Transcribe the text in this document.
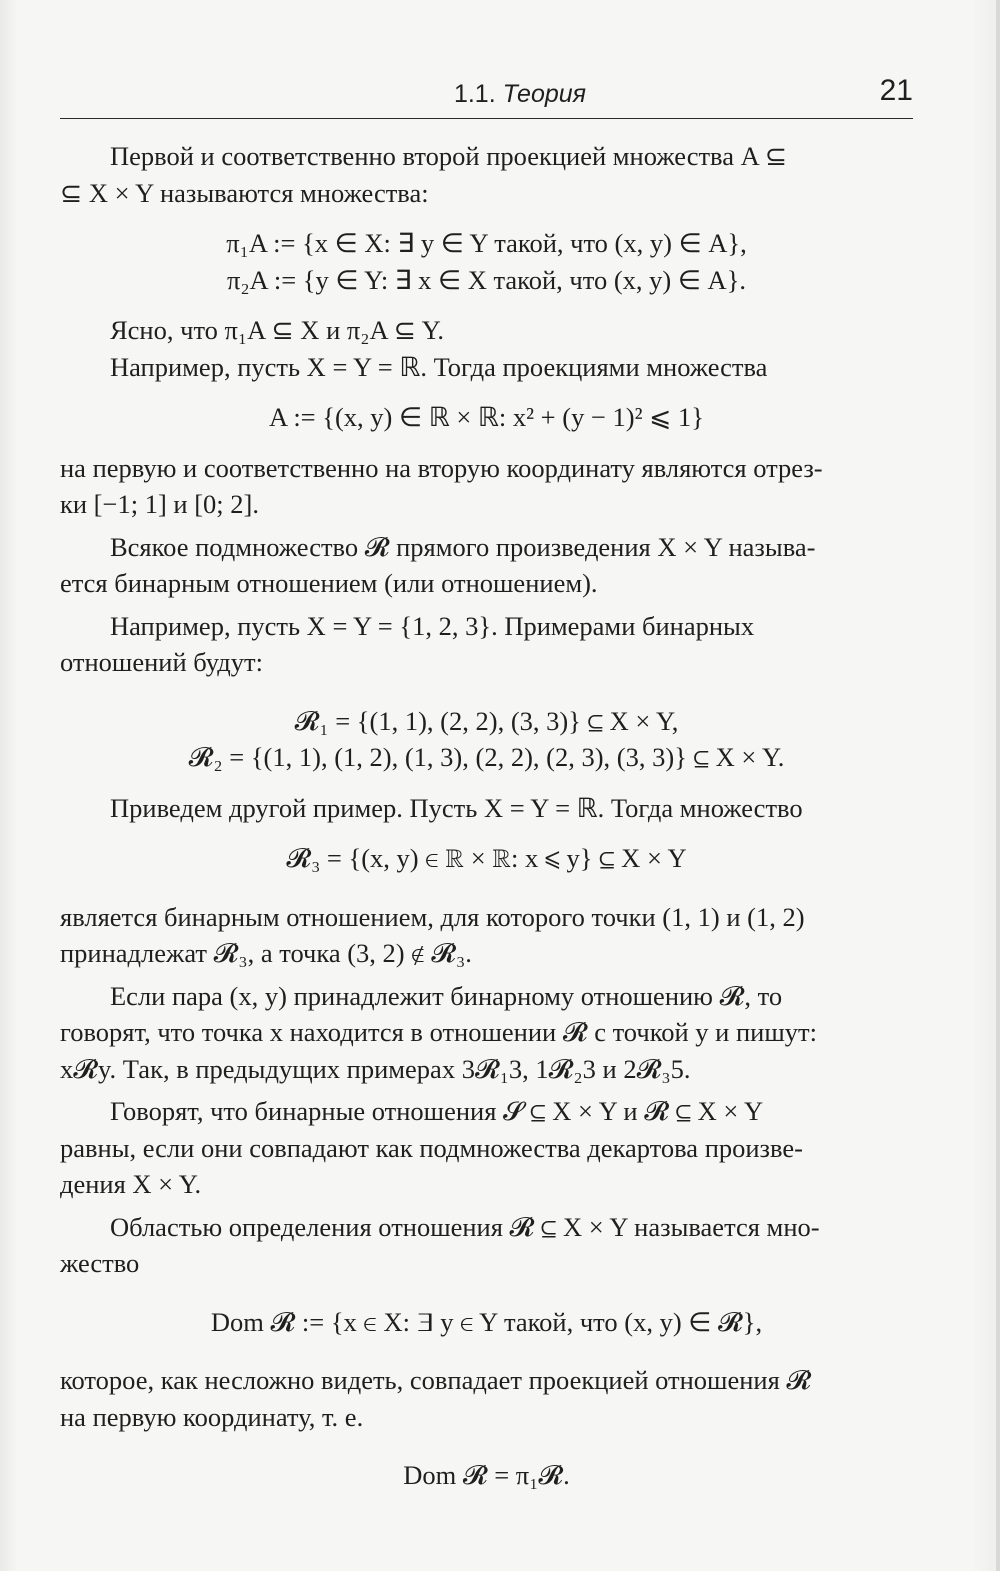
1.1. Теория	21

Первой и соответственно второй проекцией множества A ⊆

⊆ X × Y называются множества:

π₁A := {x ∈ X: ∃ y ∈ Y такой, что (x, y) ∈ A},

π₂A := {y ∈ Y: ∃ x ∈ X такой, что (x, y) ∈ A}.

Ясно, что π₁A ⊆ X и π₂A ⊆ Y.

Например, пусть X = Y = ℝ. Тогда проекциями множества

A := {(x, y) ∈ ℝ × ℝ: x² + (y − 1)² ⩽ 1}

на первую и соответственно на вторую координату являются отрез-

ки [−1; 1] и [0; 2].

Всякое подмножество 𝓡 прямого произведения X × Y называ-

ется бинарным отношением (или отношением).

Например, пусть X = Y = {1, 2, 3}. Примерами бинарных

отношений будут:

𝓡₁ = {(1, 1), (2, 2), (3, 3)} ⊆ X × Y,

𝓡₂ = {(1, 1), (1, 2), (1, 3), (2, 2), (2, 3), (3, 3)} ⊆ X × Y.

Приведем другой пример. Пусть X = Y = ℝ. Тогда множество

𝓡₃ = {(x, y) ∈ ℝ × ℝ: x ⩽ y} ⊆ X × Y

является бинарным отношением, для которого точки (1, 1) и (1, 2)

принадлежат 𝓡₃, а точка (3, 2) ∉ 𝓡₃.

Если пара (x, y) принадлежит бинарному отношению 𝓡, то

говорят, что точка x находится в отношении 𝓡 с точкой y и пишут:

x𝓡y. Так, в предыдущих примерах 3𝓡₁3, 1𝓡₂3 и 2𝓡₃5.

Говорят, что бинарные отношения 𝓢 ⊆ X × Y и 𝓡 ⊆ X × Y

равны, если они совпадают как подмножества декартова произве-

дения X × Y.

Областью определения отношения 𝓡 ⊆ X × Y называется мно-

жество

Dom 𝓡 := {x ∈ X: ∃ y ∈ Y такой, что (x, y) ∈ 𝓡},

которое, как несложно видеть, совпадает проекцией отношения 𝓡

на первую координату, т. е.

Dom 𝓡 = π₁𝓡.
